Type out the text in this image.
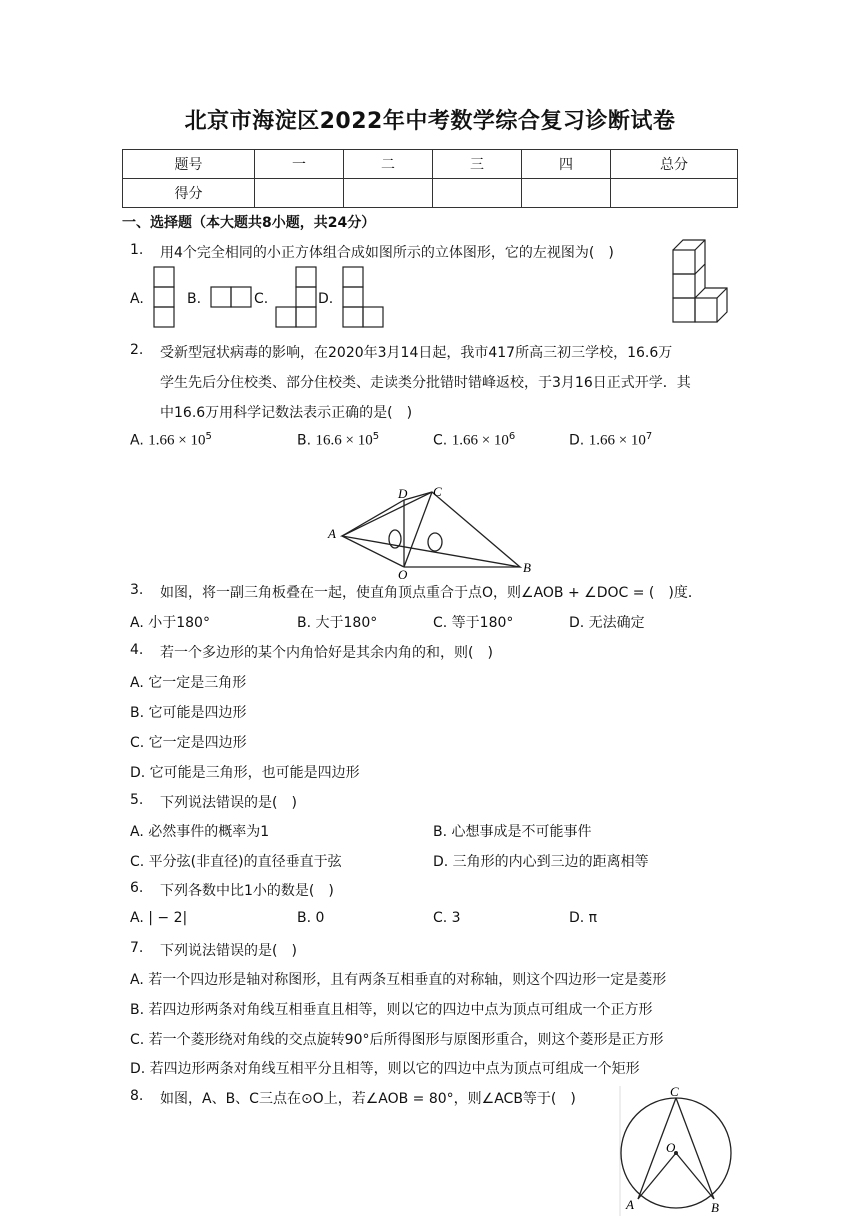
北京市海淀区2022年中考数学综合复习诊断试卷
题号	一	二	三	四	总分
得分					
一、选择题（本大题共8小题，共24分）
1. 用4个完全相同的小正方体组合成如图所示的立体图形，它的左视图为(　)
A.	B.	C.	D.
2. 受新型冠状病毒的影响，在2020年3月14日起，我市417所高三初三学校，16.6万
学生先后分住校类、部分住校类、走读类分批错时错峰返校，于3月16日正式开学．其
中16.6万用科学记数法表示正确的是(　)
A. $1.66 \times 10^5$	B. $16.6 \times 10^5$	C. $1.66 \times 10^6$	D. $1.66 \times 10^7$
A
B
C
D
O
3. 如图，将一副三角板叠在一起，使直角顶点重合于点O，则∠AOB + ∠DOC = (　)度．
A. 小于180°	B. 大于180°	C. 等于180°	D. 无法确定
4. 若一个多边形的某个内角恰好是其余内角的和，则(　)
A. 它一定是三角形
B. 它可能是四边形
C. 它一定是四边形
D. 它可能是三角形，也可能是四边形
5. 下列说法错误的是(　)
A. 必然事件的概率为1	B. 心想事成是不可能事件
C. 平分弦(非直径)的直径垂直于弦	D. 三角形的内心到三边的距离相等
6. 下列各数中比1小的数是(　)
A. | − 2|	B. 0	C. 3	D. π
7. 下列说法错误的是(　)
A. 若一个四边形是轴对称图形，且有两条互相垂直的对称轴，则这个四边形一定是菱形
B. 若四边形两条对角线互相垂直且相等，则以它的四边中点为顶点可组成一个正方形
C. 若一个菱形绕对角线的交点旋转90°后所得图形与原图形重合，则这个菱形是正方形
D. 若四边形两条对角线互相平分且相等，则以它的四边中点为顶点可组成一个矩形
8. 如图，A、B、C三点在⊙O上，若∠AOB = 80°，则∠ACB等于(　)	C
O
A	B
